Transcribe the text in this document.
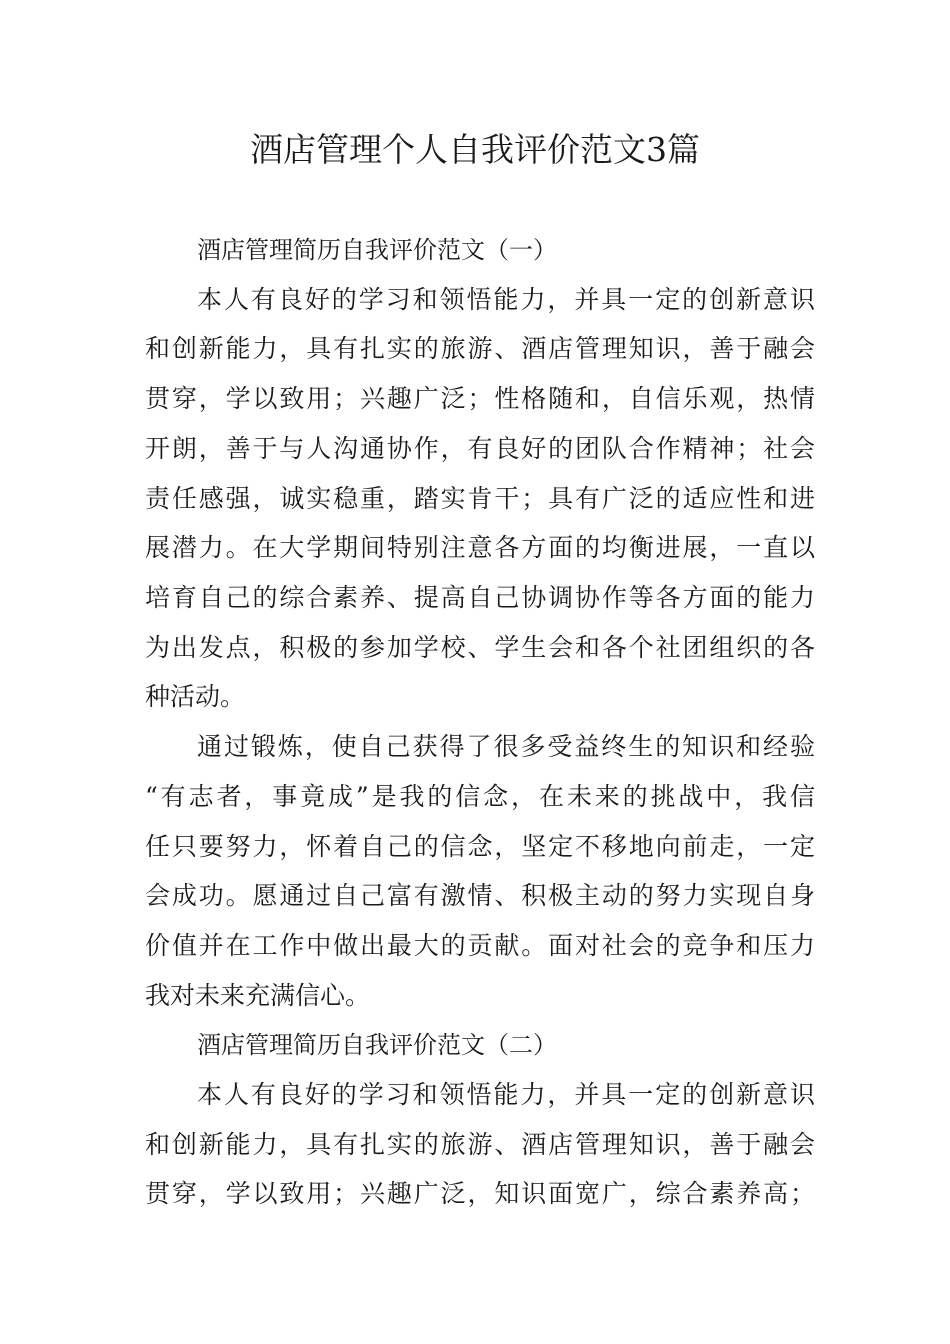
酒店管理个人自我评价范文3篇

酒店管理简历自我评价范文（一）

本人有良好的学习和领悟能力，并具一定的创新意识

和创新能力，具有扎实的旅游、酒店管理知识，善于融会

贯穿，学以致用；兴趣广泛；性格随和，自信乐观，热情

开朗，善于与人沟通协作，有良好的团队合作精神；社会

责任感强，诚实稳重，踏实肯干；具有广泛的适应性和进

展潜力。在大学期间特别注意各方面的均衡进展，一直以

培育自己的综合素养、提高自己协调协作等各方面的能力

为出发点，积极的参加学校、学生会和各个社团组织的各

种活动。

通过锻炼，使自己获得了很多受益终生的知识和经验

“有志者，事竟成”是我的信念，在未来的挑战中，我信

任只要努力，怀着自己的信念，坚定不移地向前走，一定

会成功。愿通过自己富有激情、积极主动的努力实现自身

价值并在工作中做出最大的贡献。面对社会的竞争和压力

我对未来充满信心。

酒店管理简历自我评价范文（二）

本人有良好的学习和领悟能力，并具一定的创新意识

和创新能力，具有扎实的旅游、酒店管理知识，善于融会

贯穿，学以致用；兴趣广泛，知识面宽广，综合素养高；
